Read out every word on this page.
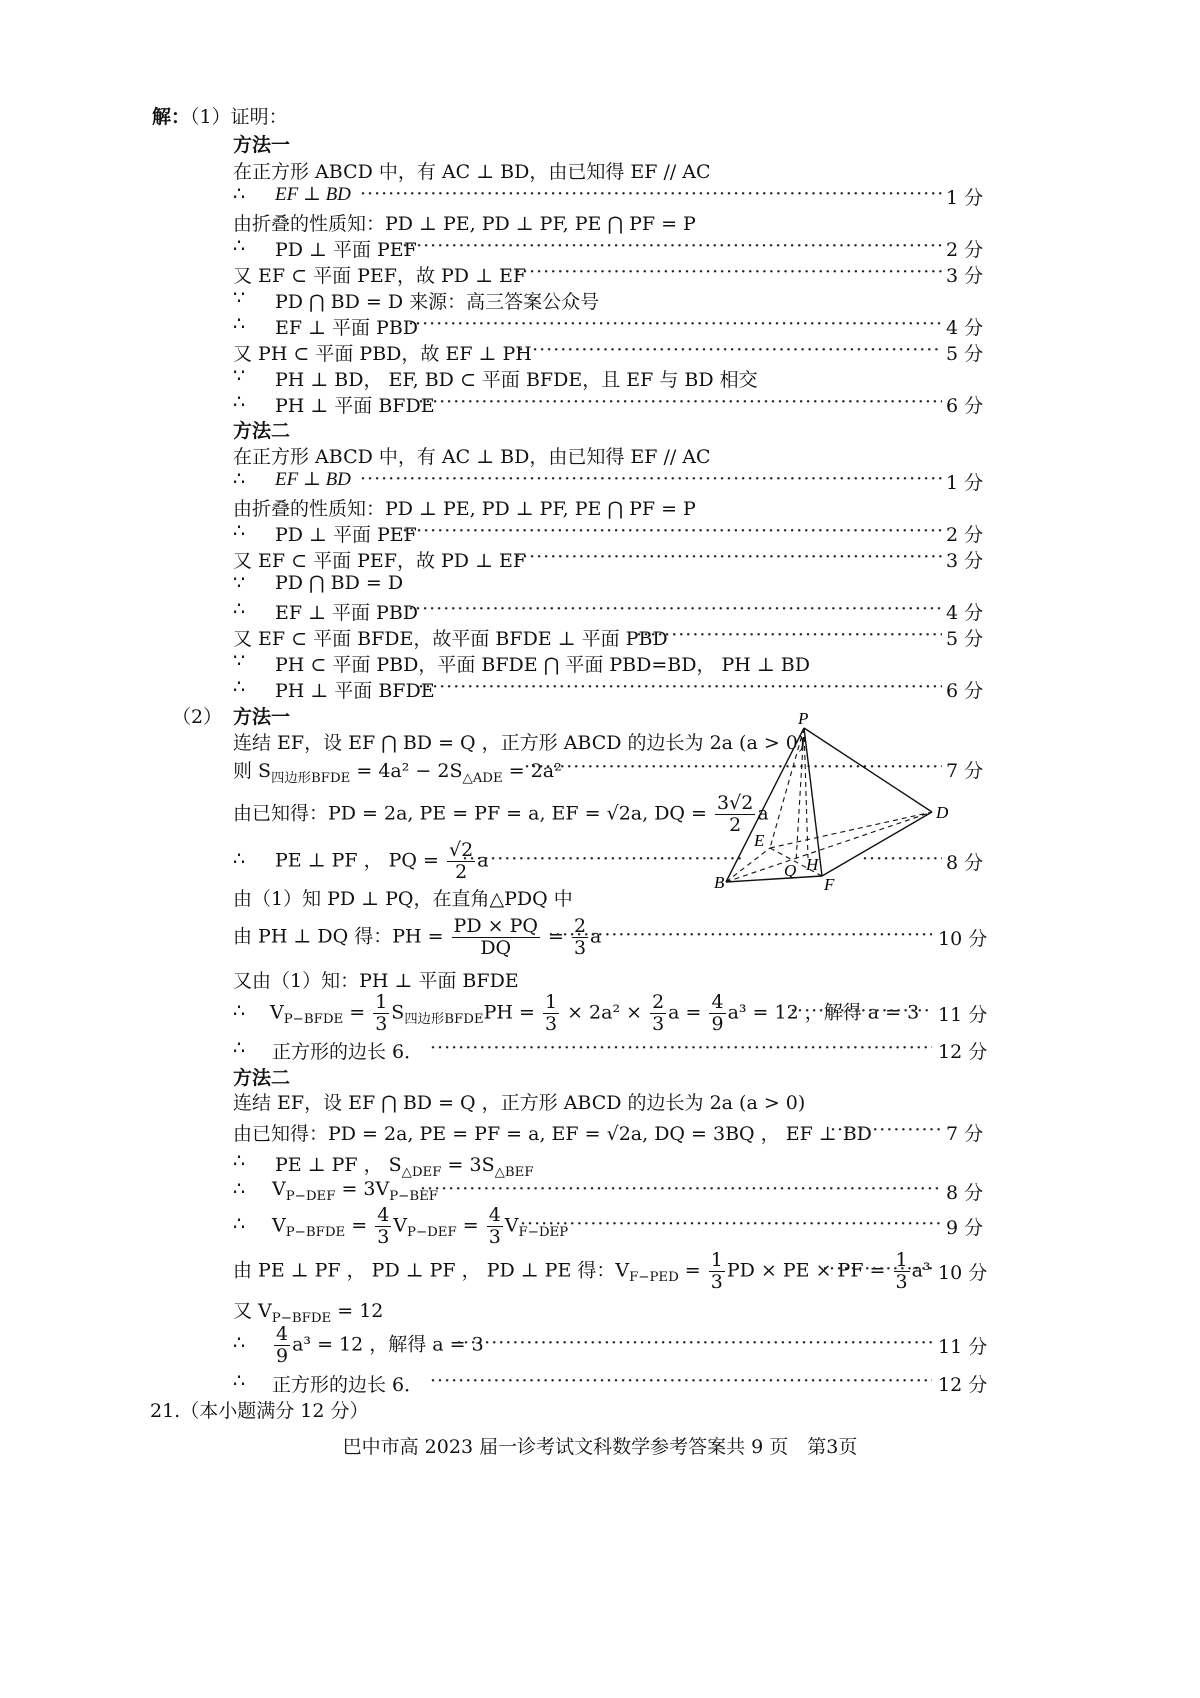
解：（1）证明：
方法一
在正方形 ABCD 中，有 AC ⊥ BD，由已知得 EF // AC
∴ EF ⊥ BD ·····	1 分
由折叠的性质知：PD ⊥ PE, PD ⊥ PF, PE ⋂ PF = P
∴ PD ⊥ 平面 PEF ·····	2 分
又 EF ⊂ 平面 PEF，故 PD ⊥ EF ·····	3 分
∵ PD ⋂ BD = D 来源：高三答案公众号
∴ EF ⊥ 平面 PBD ·····	4 分
又 PH ⊂ 平面 PBD，故 EF ⊥ PH ·····	5 分
∵ PH ⊥ BD， EF, BD ⊂ 平面 BFDE，且 EF 与 BD 相交
∴ PH ⊥ 平面 BFDE ·····	6 分
方法二
在正方形 ABCD 中，有 AC ⊥ BD，由已知得 EF // AC
∴ EF ⊥ BD ·····	1 分
由折叠的性质知：PD ⊥ PE, PD ⊥ PF, PE ⋂ PF = P
∴ PD ⊥ 平面 PEF ·····	2 分
又 EF ⊂ 平面 PEF，故 PD ⊥ EF ·····	3 分
∵ PD ⋂ BD = D
∴ EF ⊥ 平面 PBD ·····	4 分
又 EF ⊂ 平面 BFDE，故平面 BFDE ⊥ 平面 PBD ·····	5 分
∵ PH ⊂ 平面 PBD，平面 BFDE ⋂ 平面 PBD=BD， PH ⊥ BD
∴ PH ⊥ 平面 BFDE ·····	6 分
（2） 方法一
连结 EF，设 EF ⋂ BD = Q ，正方形 ABCD 的边长为 2a (a > 0)
则 $S_{四边形BFDE} = 4a^2 - 2S_{\triangle ADE} = 2a^2$ ·····	7 分
由已知得：PD = 2a, PE = PF = a, EF = √2a, DQ = $\frac{3√2}{2}$ a
∴ PE ⊥ PF ， PQ = $\frac{√2}{2}$ a ····· ·····	8 分
由（1）知 PD ⊥ PQ，在直角△PDQ 中
由 PH ⊥ DQ 得：PH = $\frac{PD \times PQ}{DQ} = \frac{2}{3}$ a ·····	10 分
又由（1）知：PH ⊥ 平面 BFDE
∴ $V_{P-BFDE} = \frac{1}{3} S_{四边形BFDE}PH = \frac{1}{3} \times 2a^2 \times \frac{2}{3}$ $a = \frac{4}{9} a^3 = 12$ ，解得 a = 3 ····· 11 分
∴ 正方形的边长 6． ·····	12 分
方法二
连结 EF，设 EF ⋂ BD = Q ，正方形 ABCD 的边长为 2a (a > 0)
由已知得：PD = 2a, PE = PF = a, EF = √2a, DQ = 3BQ ， EF ⊥ BD ·····	7 分
∴ PE ⊥ PF ， $S_{\triangle DEF} = 3S_{\triangle BEF}$
∴ $V_{P-DEF} = 3V_{P-BEF}$ ·····	8 分
∴ $V_{P-BFDE} = \frac{4}{3} V_{P-DEF} = \frac{4}{3} V_{F-DEP}$ ·····	9 分
由 PE ⊥ PF ， PD ⊥ PF ， PD ⊥ PE 得：$V_{F-PED} = \frac{1}{3}$ PD × PE × PF = $\frac{1}{3} a^3$ ····· 10 分
又 $V_{P-BFDE} = 12$
∴ $\frac{4}{9} a^3 = 12$ ，解得 a = 3 ·····	11 分
∴ 正方形的边长 6． ·····	12 分
21.（本小题满分 12 分）
巴中市高 2023 届一诊考试文科数学参考答案共 9 页　第3页
P
D
E
B	F
Q H
